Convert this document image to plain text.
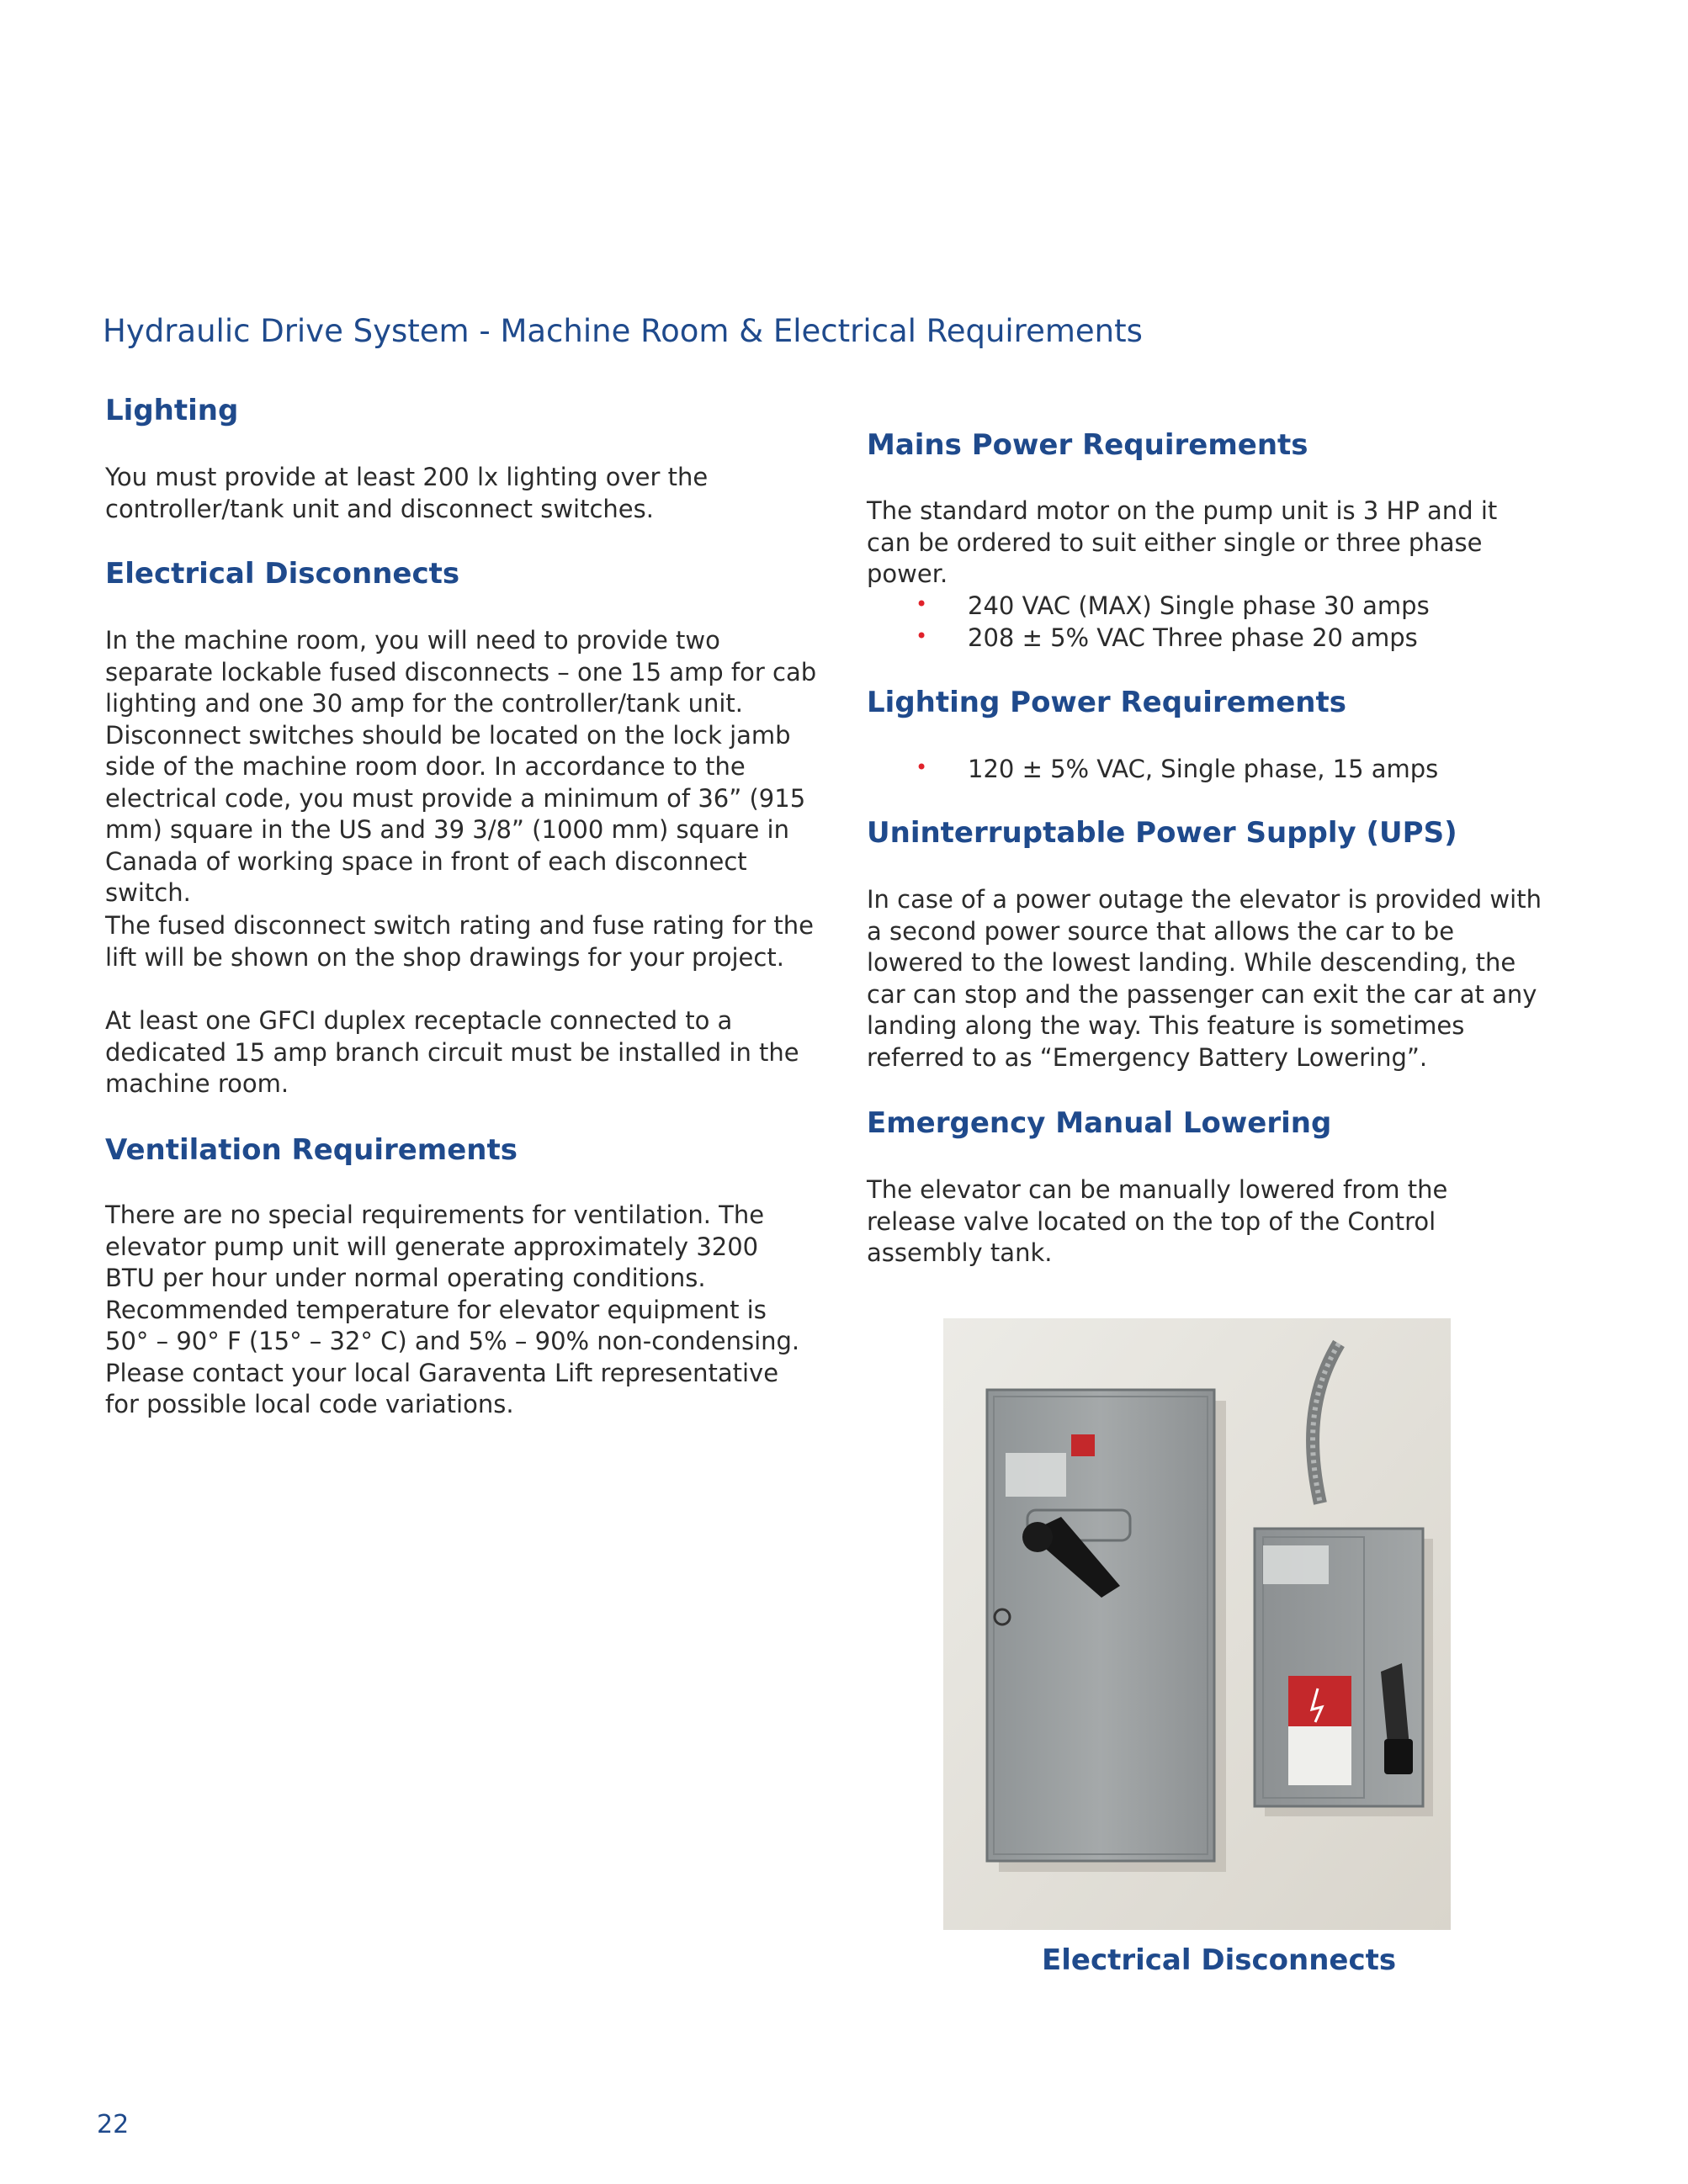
Hydraulic Drive System - Machine Room & Electrical Requirements
Lighting

You must provide at least 200 lx lighting over the controller/tank unit and disconnect switches.

Electrical Disconnects

In the machine room, you will need to provide two separate lockable fused disconnects – one 15 amp for cab lighting and one 30 amp for the controller/tank unit. Disconnect switches should be located on the lock jamb side of the machine room door. In accordance to the electrical code, you must provide a minimum of 36” (915 mm) square in the US and 39 3/8” (1000 mm) square in Canada of working space in front of each disconnect switch.

The fused disconnect switch rating and fuse rating for the lift will be shown on the shop drawings for your project.

At least one GFCI duplex receptacle connected to a dedicated 15 amp branch circuit must be installed in the machine room.

Ventilation Requirements

There are no special requirements for ventilation. The elevator pump unit will generate approximately 3200 BTU per hour under normal operating conditions. Recommended temperature for elevator equipment is 50° – 90° F (15° – 32° C) and 5% – 90% non-condensing. Please contact your local Garaventa Lift representative for possible local code variations.

Mains Power Requirements

The standard motor on the pump unit is 3 HP and it can be ordered to suit either single or three phase power.

• 240 VAC (MAX) Single phase 30 amps
• 208 ± 5% VAC Three phase 20 amps
Lighting Power Requirements
• 120 ± 5% VAC, Single phase, 15 amps
Uninterruptable Power Supply (UPS)

In case of a power outage the elevator is provided with a second power source that allows the car to be lowered to the lowest landing. While descending, the car can stop and the passenger can exit the car at any landing along the way. This feature is sometimes referred to as “Emergency Battery Lowering”.

Emergency Manual Lowering

The elevator can be manually lowered from the release valve located on the top of the Control assembly tank.

Electrical Disconnects
22
